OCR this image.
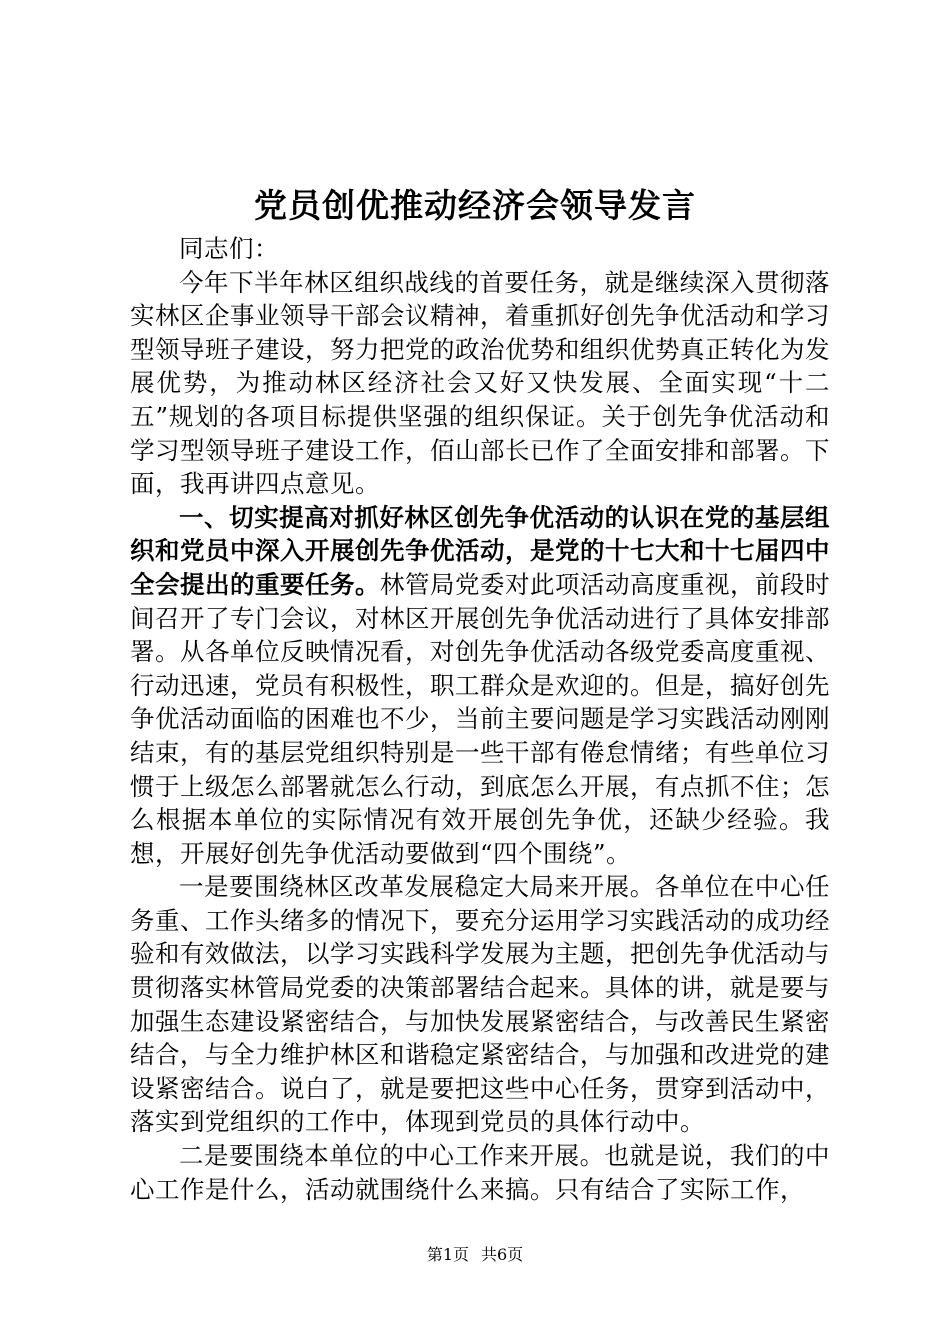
党员创优推动经济会领导发言

同志们：

今年下半年林区组织战线的首要任务，就是继续深入贯彻落实林区企事业领导干部会议精神，着重抓好创先争优活动和学习型领导班子建设，努力把党的政治优势和组织优势真正转化为发展优势，为推动林区经济社会又好又快发展、全面实现“十二五”规划的各项目标提供坚强的组织保证。关于创先争优活动和学习型领导班子建设工作，佰山部长已作了全面安排和部署。下面，我再讲四点意见。

一、切实提高对抓好林区创先争优活动的认识在党的基层组织和党员中深入开展创先争优活动，是党的十七大和十七届四中全会提出的重要任务。林管局党委对此项活动高度重视，前段时间召开了专门会议，对林区开展创先争优活动进行了具体安排部署。从各单位反映情况看，对创先争优活动各级党委高度重视、行动迅速，党员有积极性，职工群众是欢迎的。但是，搞好创先争优活动面临的困难也不少，当前主要问题是学习实践活动刚刚结束，有的基层党组织特别是一些干部有倦怠情绪；有些单位习惯于上级怎么部署就怎么行动，到底怎么开展，有点抓不住；怎么根据本单位的实际情况有效开展创先争优，还缺少经验。我想，开展好创先争优活动要做到“四个围绕”。

一是要围绕林区改革发展稳定大局来开展。各单位在中心任务重、工作头绪多的情况下，要充分运用学习实践活动的成功经验和有效做法，以学习实践科学发展为主题，把创先争优活动与贯彻落实林管局党委的决策部署结合起来。具体的讲，就是要与加强生态建设紧密结合，与加快发展紧密结合，与改善民生紧密结合，与全力维护林区和谐稳定紧密结合，与加强和改进党的建设紧密结合。说白了，就是要把这些中心任务，贯穿到活动中，落实到党组织的工作中，体现到党员的具体行动中。

二是要围绕本单位的中心工作来开展。也就是说，我们的中心工作是什么，活动就围绕什么来搞。只有结合了实际工作，

第1页 共6页
